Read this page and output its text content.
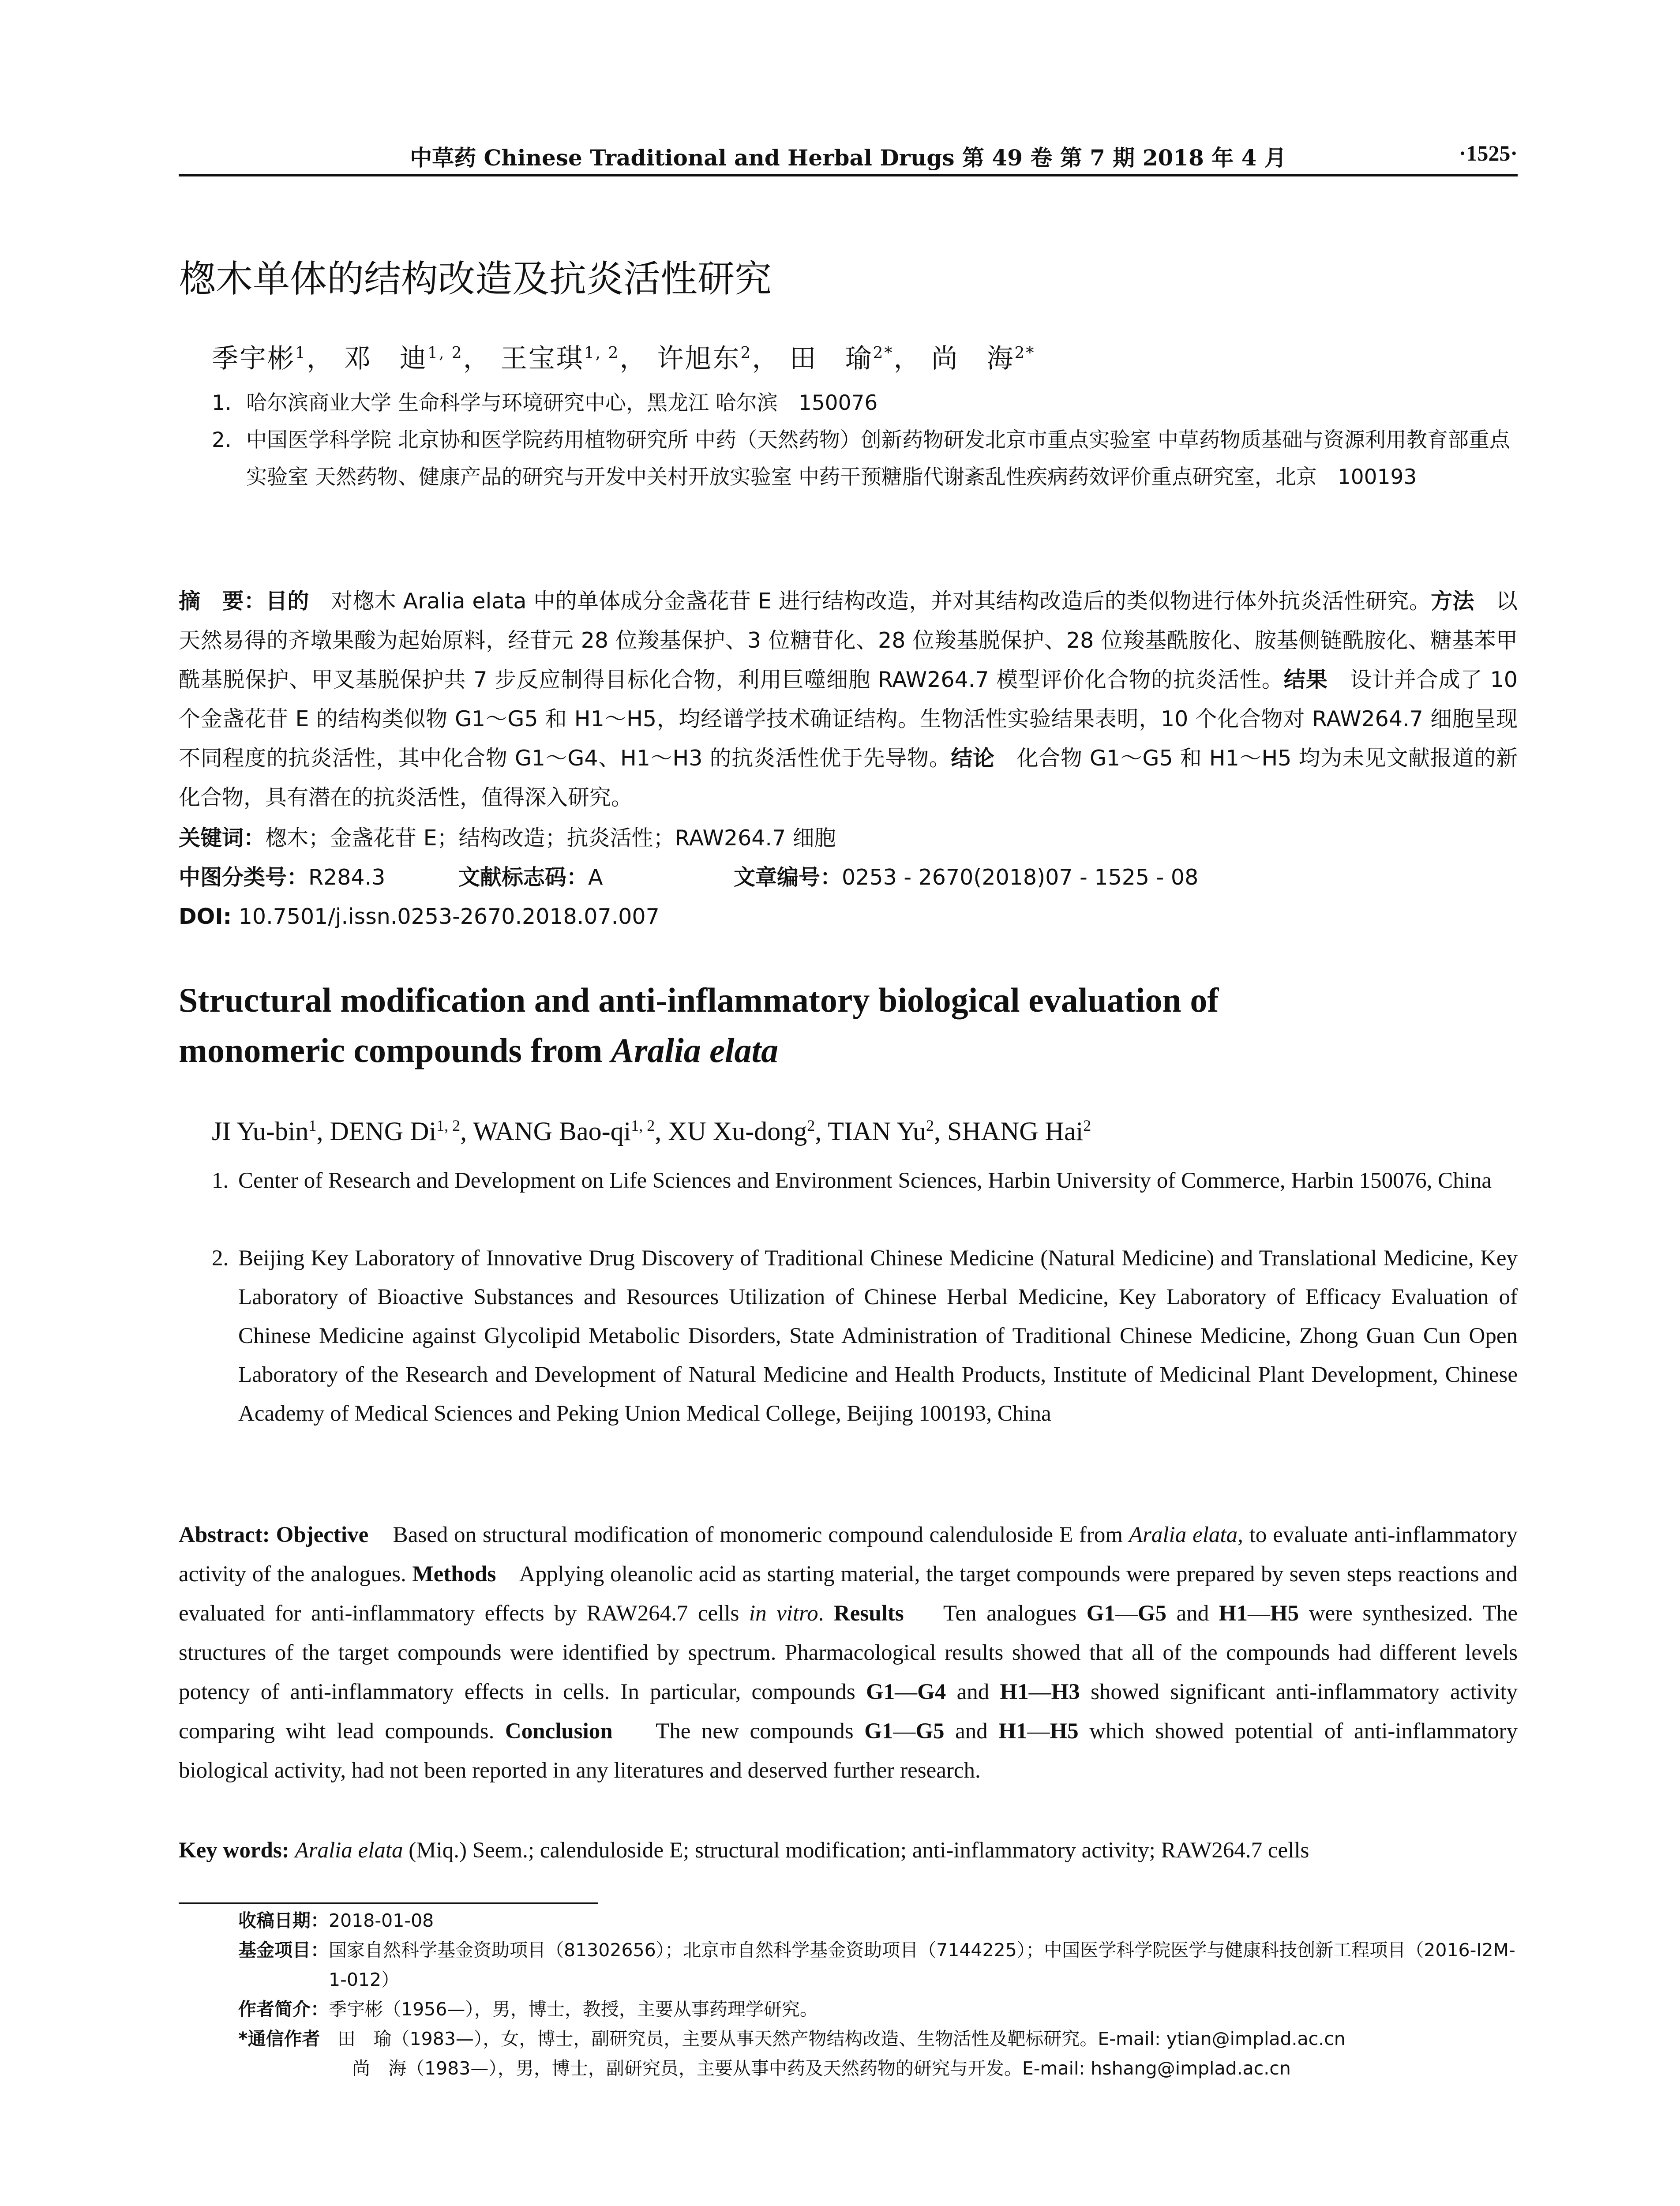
中草药 Chinese Traditional and Herbal Drugs 第 49 卷 第 7 期 2018 年 4 月	·1525·
楤木单体的结构改造及抗炎活性研究
季宇彬$^1$， 邓　迪$^{1, 2}$， 王宝琪$^{1, 2}$， 许旭东$^2$， 田　瑜$^{2*}$， 尚　海$^{2*}$
1. 哈尔滨商业大学 生命科学与环境研究中心，黑龙江 哈尔滨　150076
2. 中国医学科学院 北京协和医学院药用植物研究所 中药（天然药物）创新药物研发北京市重点实验室 中草药物质基础与资源利用教育部重点实验室 天然药物、健康产品的研究与开发中关村开放实验室 中药干预糖脂代谢紊乱性疾病药效评价重点研究室，北京　100193
摘　要：目的　 对楤木 Aralia elata 中的单体成分金盏花苷 E 进行结构改造，并对其结构改造后的类似物进行体外抗炎活性研究。方法　 以天然易得的齐墩果酸为起始原料，经苷元 28 位羧基保护、3 位糖苷化、28 位羧基脱保护、28 位羧基酰胺化、胺基侧链酰胺化、糖基苯甲酰基脱保护、甲叉基脱保护共 7 步反应制得目标化合物，利用巨噬细胞 RAW264.7 模型评价化合物的抗炎活性。结果　 设计并合成了 10 个金盏花苷 E 的结构类似物 G1～G5 和 H1～H5，均经谱学技术确证结构。生物活性实验结果表明，10 个化合物对 RAW264.7 细胞呈现不同程度的抗炎活性，其中化合物 G1～G4、H1～H3 的抗炎活性优于先导物。结论　 化合物 G1～G5 和 H1～H5 均为未见文献报道的新化合物，具有潜在的抗炎活性，值得深入研究。
关键词：楤木；金盏花苷 E；结构改造；抗炎活性；RAW264.7 细胞
中图分类号：R284.3	文献标志码：A	文章编号：0253 - 2670(2018)07 - 1525 - 08
DOI: 10.7501/j.issn.0253-2670.2018.07.007
Structural modification and anti-inflammatory biological evaluation of
monomeric compounds from Aralia elata
JI Yu-bin$^1$, DENG Di$^{1, 2}$, WANG Bao-qi$^{1, 2}$, XU Xu-dong$^2$, TIAN Yu$^2$, SHANG Hai$^2$
1. Center of Research and Development on Life Sciences and Environment Sciences, Harbin University of Commerce, Harbin 150076, China
2. Beijing Key Laboratory of Innovative Drug Discovery of Traditional Chinese Medicine (Natural Medicine) and Translational Medicine, Key Laboratory of Bioactive Substances and Resources Utilization of Chinese Herbal Medicine, Key Laboratory of Efficacy Evaluation of Chinese Medicine against Glycolipid Metabolic Disorders, State Administration of Traditional Chinese Medicine, Zhong Guan Cun Open Laboratory of the Research and Development of Natural Medicine and Health Products, Institute of Medicinal Plant Development, Chinese Academy of Medical Sciences and Peking Union Medical College, Beijing 100193, China
Abstract: Objective Based on structural modification of monomeric compound calenduloside E from Aralia elata, to evaluate anti-inflammatory activity of the analogues. Methods Applying oleanolic acid as starting material, the target compounds were prepared by seven steps reactions and evaluated for anti-inflammatory effects by RAW264.7 cells in vitro. Results Ten analogues G1—G5 and H1—H5 were synthesized. The structures of the target compounds were identified by spectrum. Pharmacological results showed that all of the compounds had different levels potency of anti-inflammatory effects in cells. In particular, compounds G1—G4 and H1—H3 showed significant anti-inflammatory activity comparing wiht lead compounds. Conclusion The new compounds G1—G5 and H1—H5 which showed potential of anti-inflammatory biological activity, had not been reported in any literatures and deserved further research.
Key words: Aralia elata (Miq.) Seem.; calenduloside E; structural modification; anti-inflammatory activity; RAW264.7 cells
收稿日期：2018-01-08
基金项目： 国家自然科学基金资助项目（81302656）；北京市自然科学基金资助项目（7144225）；中国医学科学院医学与健康科技创新工程项目（2016-I2M-1-012）
作者简介：季宇彬（1956—），男，博士，教授，主要从事药理学研究。
*通信作者 田　瑜（1983—），女，博士，副研究员，主要从事天然产物结构改造、生物活性及靶标研究。E-mail: ytian@implad.ac.cn
尚　海（1983—），男，博士，副研究员，主要从事中药及天然药物的研究与开发。E-mail: hshang@implad.ac.cn
